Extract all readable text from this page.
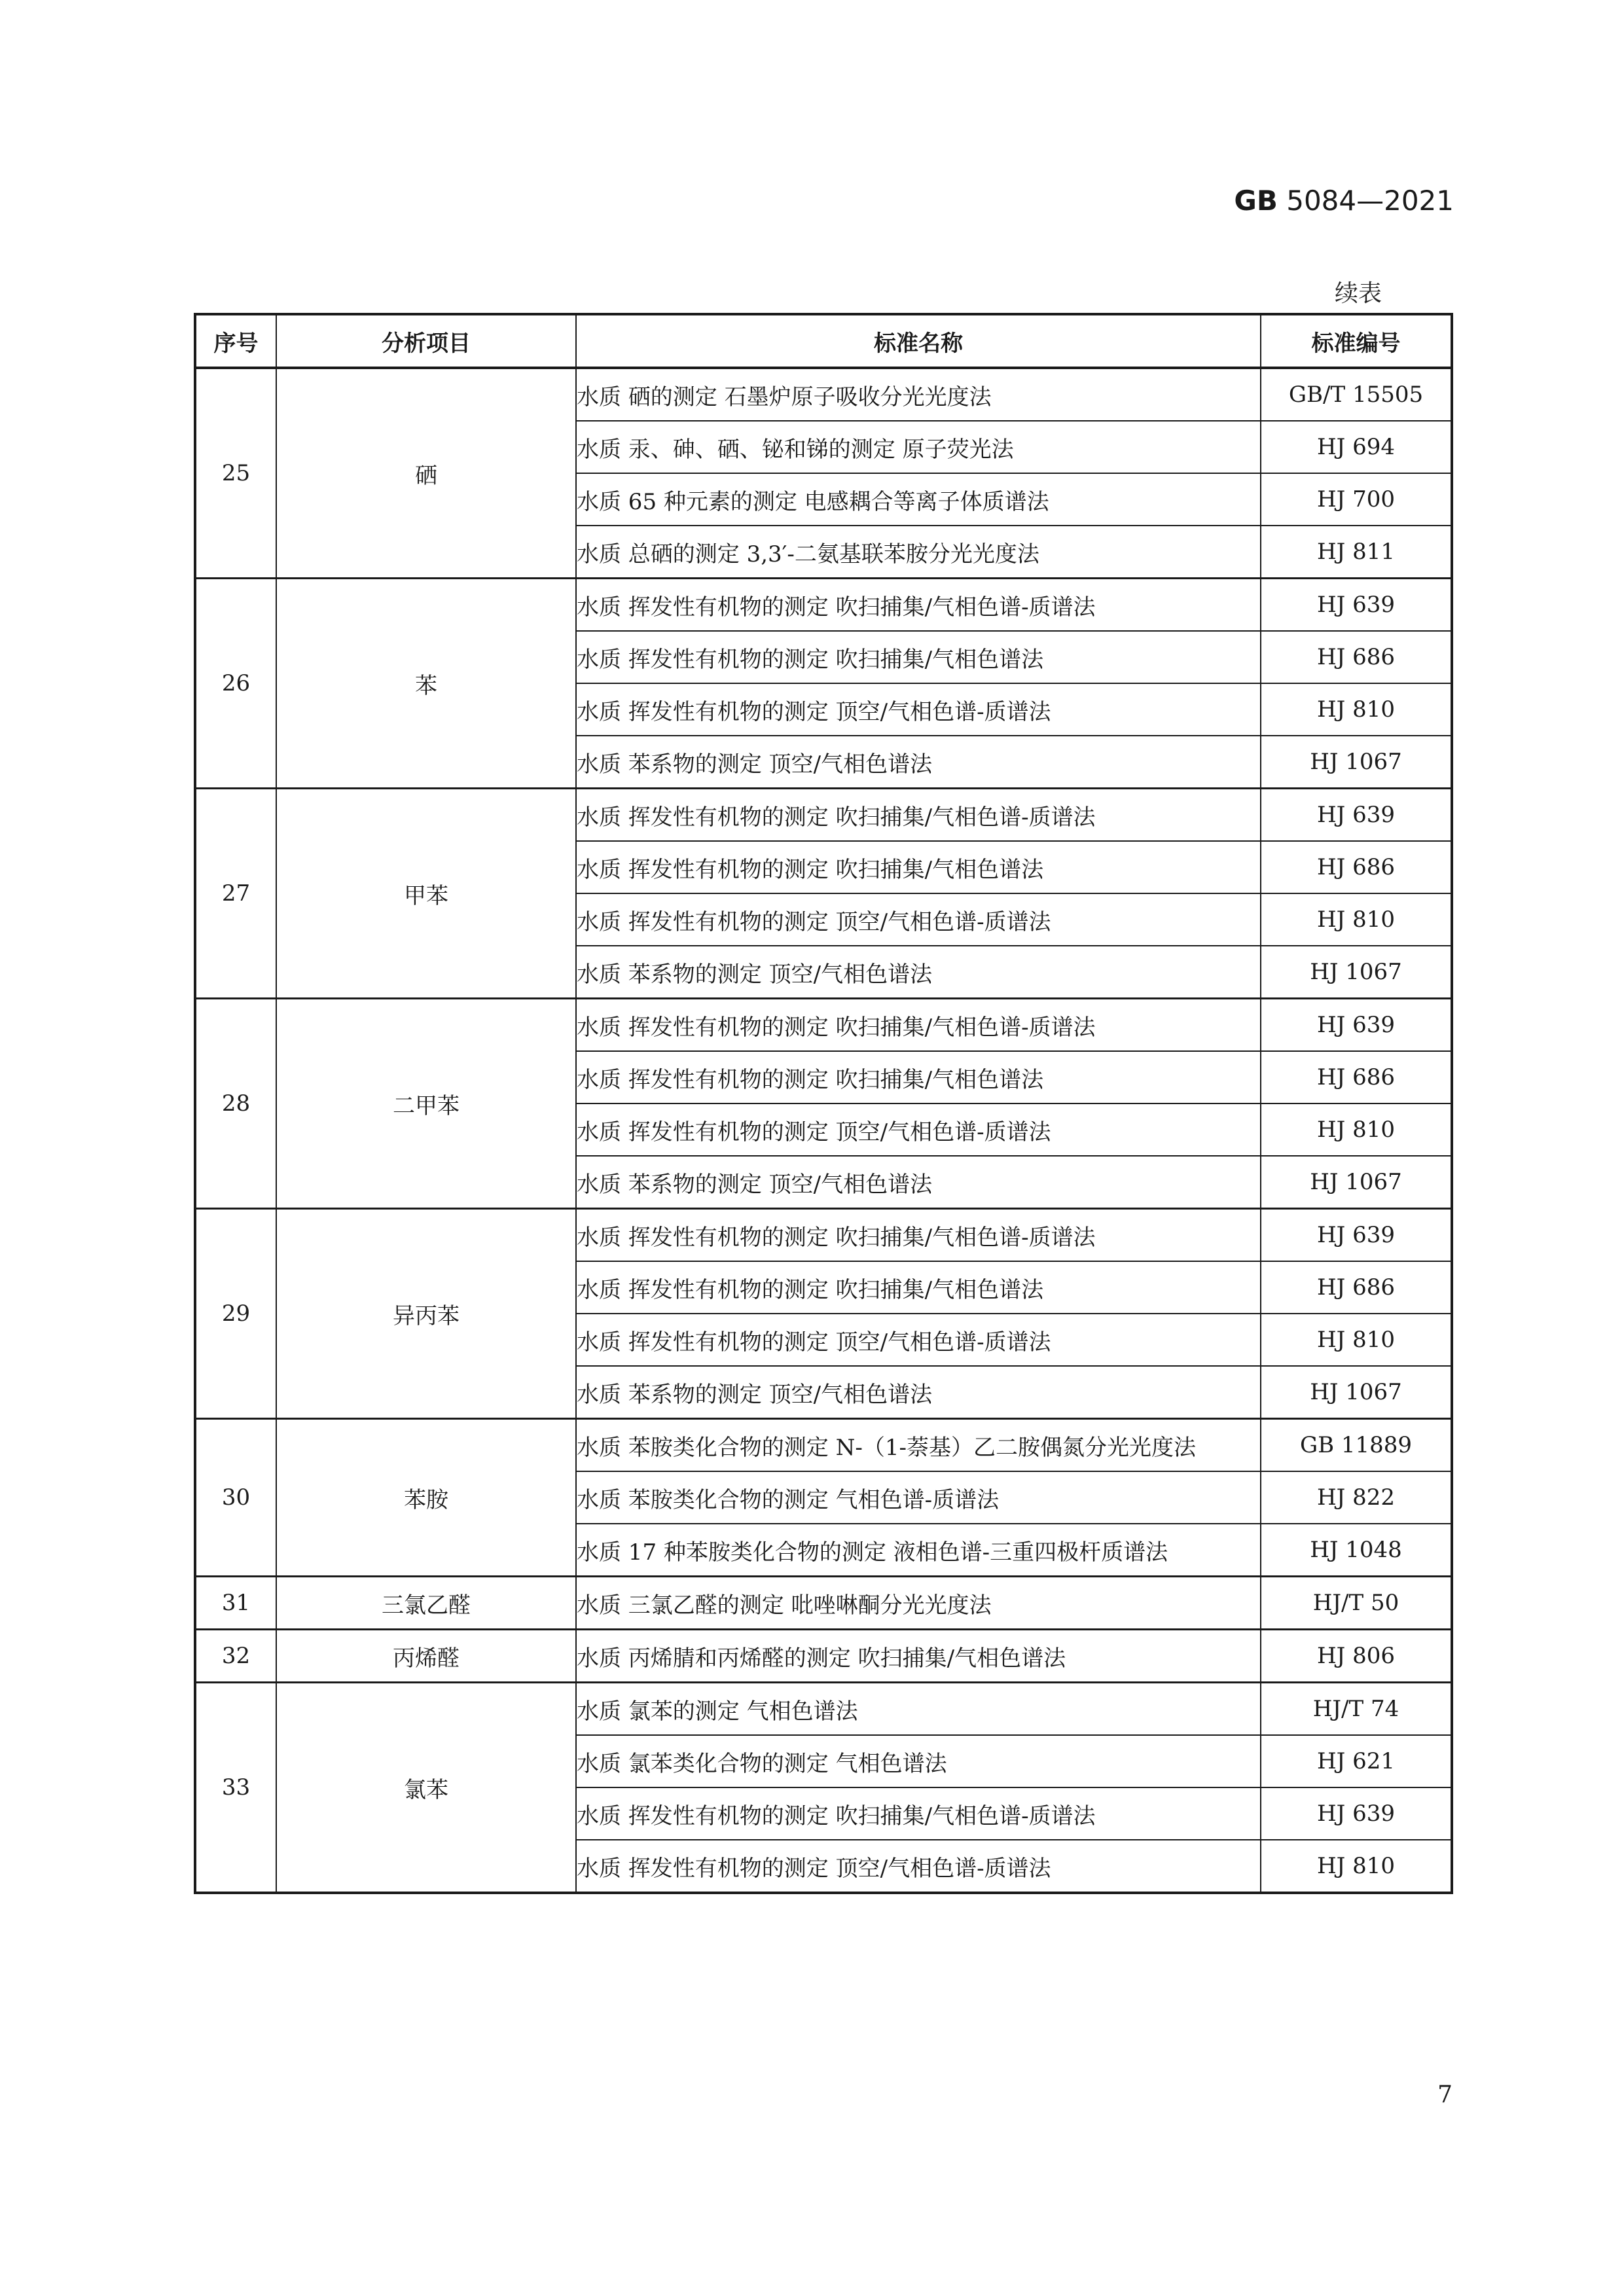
GB 5084—2021
续表
序号	分析项目	标准名称	标准编号
25	硒	水质 硒的测定 石墨炉原子吸收分光光度法	GB/T 15505
		水质 汞、砷、硒、铋和锑的测定 原子荧光法	HJ 694
		水质 65 种元素的测定 电感耦合等离子体质谱法	HJ 700
		水质 总硒的测定 3,3′-二氨基联苯胺分光光度法	HJ 811
26	苯	水质 挥发性有机物的测定 吹扫捕集/气相色谱-质谱法	HJ 639
		水质 挥发性有机物的测定 吹扫捕集/气相色谱法	HJ 686
		水质 挥发性有机物的测定 顶空/气相色谱-质谱法	HJ 810
		水质 苯系物的测定 顶空/气相色谱法	HJ 1067
27	甲苯	水质 挥发性有机物的测定 吹扫捕集/气相色谱-质谱法	HJ 639
		水质 挥发性有机物的测定 吹扫捕集/气相色谱法	HJ 686
		水质 挥发性有机物的测定 顶空/气相色谱-质谱法	HJ 810
		水质 苯系物的测定 顶空/气相色谱法	HJ 1067
28	二甲苯	水质 挥发性有机物的测定 吹扫捕集/气相色谱-质谱法	HJ 639
		水质 挥发性有机物的测定 吹扫捕集/气相色谱法	HJ 686
		水质 挥发性有机物的测定 顶空/气相色谱-质谱法	HJ 810
		水质 苯系物的测定 顶空/气相色谱法	HJ 1067
29	异丙苯	水质 挥发性有机物的测定 吹扫捕集/气相色谱-质谱法	HJ 639
		水质 挥发性有机物的测定 吹扫捕集/气相色谱法	HJ 686
		水质 挥发性有机物的测定 顶空/气相色谱-质谱法	HJ 810
		水质 苯系物的测定 顶空/气相色谱法	HJ 1067
30	苯胺	水质 苯胺类化合物的测定 N-（1-萘基）乙二胺偶氮分光光度法	GB 11889
		水质 苯胺类化合物的测定 气相色谱-质谱法	HJ 822
		水质 17 种苯胺类化合物的测定 液相色谱-三重四极杆质谱法	HJ 1048
31	三氯乙醛	水质 三氯乙醛的测定 吡唑啉酮分光光度法	HJ/T 50
32	丙烯醛	水质 丙烯腈和丙烯醛的测定 吹扫捕集/气相色谱法	HJ 806
33	氯苯	水质 氯苯的测定 气相色谱法	HJ/T 74
		水质 氯苯类化合物的测定 气相色谱法	HJ 621
		水质 挥发性有机物的测定 吹扫捕集/气相色谱-质谱法	HJ 639
		水质 挥发性有机物的测定 顶空/气相色谱-质谱法	HJ 810
7
